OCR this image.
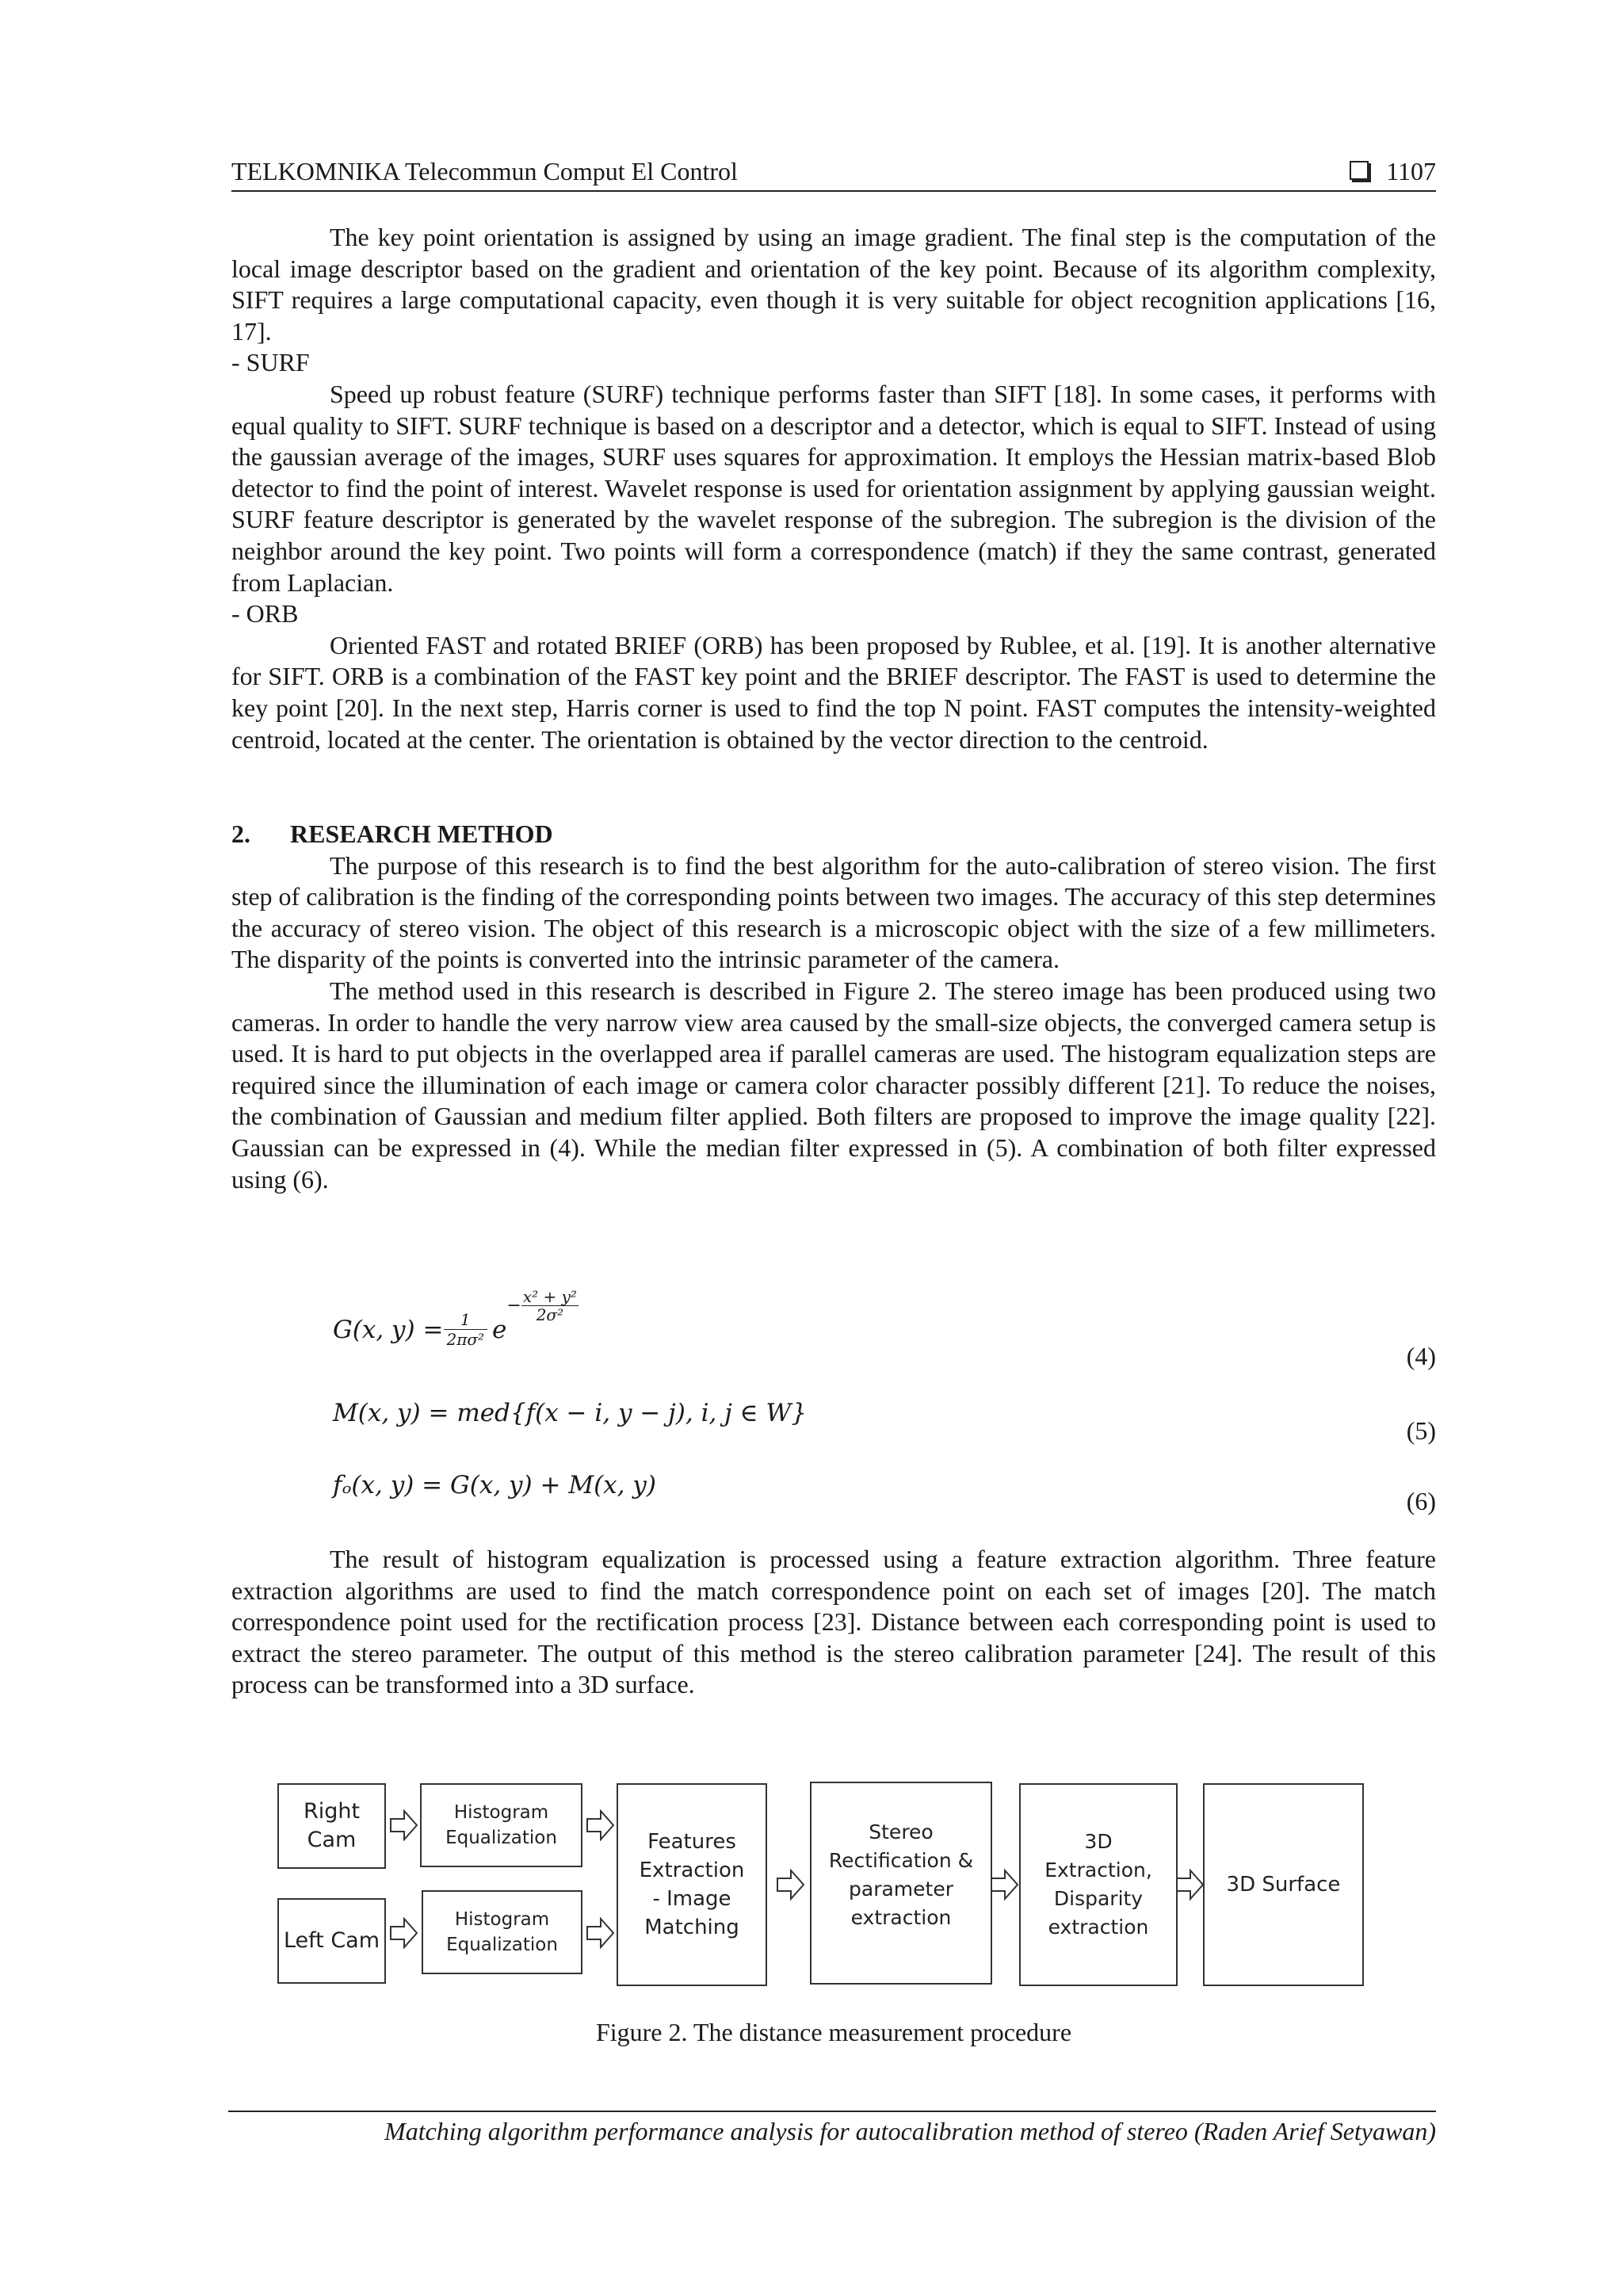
TELKOMNIKA Telecommun Comput El Control	1107

The key point orientation is assigned by using an image gradient. The final step is the computation of the local image descriptor based on the gradient and orientation of the key point. Because of its algorithm complexity, SIFT requires a large computational capacity, even though it is very suitable for object recognition applications [16, 17].

- SURF

Speed up robust feature (SURF) technique performs faster than SIFT [18]. In some cases, it performs with equal quality to SIFT. SURF technique is based on a descriptor and a detector, which is equal to SIFT. Instead of using the gaussian average of the images, SURF uses squares for approximation. It employs the Hessian matrix-based Blob detector to find the point of interest. Wavelet response is used for orientation assignment by applying gaussian weight. SURF feature descriptor is generated by the wavelet response of the subregion. The subregion is the division of the neighbor around the key point. Two points will form a correspondence (match) if they the same contrast, generated from Laplacian.

- ORB

Oriented FAST and rotated BRIEF (ORB) has been proposed by Rublee, et al. [19]. It is another alternative for SIFT. ORB is a combination of the FAST key point and the BRIEF descriptor. The FAST is used to determine the key point [20]. In the next step, Harris corner is used to find the top N point. FAST computes the intensity-weighted centroid, located at the center. The orientation is obtained by the vector direction to the centroid.

2. RESEARCH METHOD

The purpose of this research is to find the best algorithm for the auto-calibration of stereo vision. The first step of calibration is the finding of the corresponding points between two images. The accuracy of this step determines the accuracy of stereo vision. The object of this research is a microscopic object with the size of a few millimeters. The disparity of the points is converted into the intrinsic parameter of the camera.

The method used in this research is described in Figure 2. The stereo image has been produced using two cameras. In order to handle the very narrow view area caused by the small-size objects, the converged camera setup is used. It is hard to put objects in the overlapped area if parallel cameras are used. The histogram equalization steps are required since the illumination of each image or camera color character possibly different [21]. To reduce the noises, the combination of Gaussian and medium filter applied. Both filters are proposed to improve the image quality [22]. Gaussian can be expressed in (4). While the median filter expressed in (5). A combination of both filter expressed using (6).

G(x, $y) = \frac{1}{\text{2πσ²}}$ e
− $\frac{\text{x² + y²}}{\text{2σ²}}$
(4)
M(x, y) = med{f(x − i, y − j), i, j ∈ W}
(5)
fₒ(x, y) = G(x, y) + M(x, y)
(6)

The result of histogram equalization is processed using a feature extraction algorithm. Three feature extraction algorithms are used to find the match correspondence point on each set of images [20]. The match correspondence point used for the rectification process [23]. Distance between each corresponding point is used to extract the stereo parameter. The output of this method is the stereo calibration parameter [24]. The result of this process can be transformed into a 3D surface.

Right Cam
Left Cam
Histogram Equalization
Histogram Equalization
Features Extraction - Image Matching
Stereo Rectification & parameter extraction
3D Extraction, Disparity extraction
3D Surface
Figure 2. The distance measurement procedure
Matching algorithm performance analysis for autocalibration method of stereo (Raden Arief Setyawan)
